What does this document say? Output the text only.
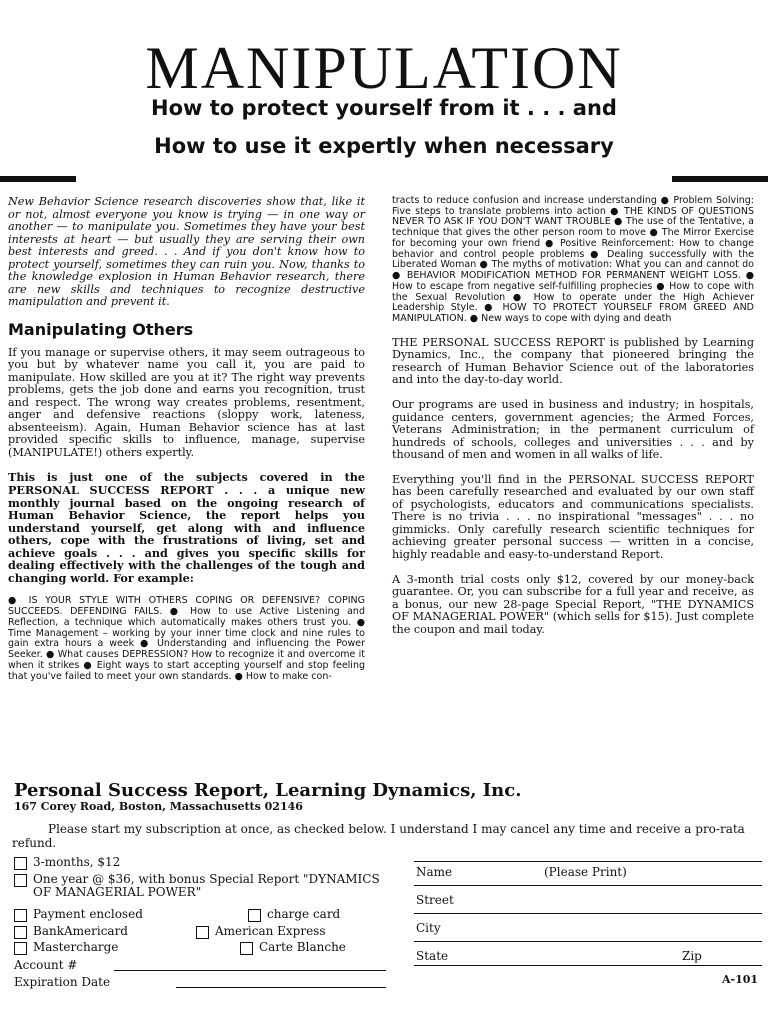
MANIPULATION
How to protect yourself from it . . . and
How to use it expertly when necessary

New Behavior Science research discoveries show that, like it or not, almost everyone you know is trying — in one way or another — to manipulate you. Sometimes they have your best interests at heart — but usually they are serving their own best interests and greed. . . And if you don't know how to protect yourself, sometimes they can ruin you. Now, thanks to the knowledge explosion in Human Behavior research, there are new skills and techniques to recognize destructive manipulation and prevent it.

Manipulating Others

If you manage or supervise others, it may seem outrageous to you but by whatever name you call it, you are paid to manipulate. How skilled are you at it? The right way prevents problems, gets the job done and earns you recognition, trust and respect. The wrong way creates problems, resentment, anger and defensive reactions (sloppy work, lateness, absenteeism). Again, Human Behavior science has at last provided specific skills to influence, manage, supervise (MANIPULATE!) others expertly.

This is just one of the subjects covered in the PERSONAL SUCCESS REPORT . . . a unique new monthly journal based on the ongoing research of Human Behavior Science, the report helps you understand yourself, get along with and influence others, cope with the frustrations of living, set and achieve goals . . . and gives you specific skills for dealing effectively with the challenges of the tough and changing world. For example:

● IS YOUR STYLE WITH OTHERS COPING OR DEFENSIVE? COPING SUCCEEDS. DEFENDING FAILS. ● How to use Active Listening and Reflection, a technique which automatically makes others trust you. ● Time Management – working by your inner time clock and nine rules to gain extra hours a week ● Understanding and influencing the Power Seeker. ● What causes DEPRESSION? How to recognize it and overcome it when it strikes ● Eight ways to start accepting yourself and stop feeling that you've failed to meet your own standards. ● How to make con-

tracts to reduce confusion and increase understanding ● Problem Solving: Five steps to translate problems into action ● THE KINDS OF QUESTIONS NEVER TO ASK IF YOU DON'T WANT TROUBLE ● The use of the Tentative, a technique that gives the other person room to move ● The Mirror Exercise for becoming your own friend ● Positive Reinforcement: How to change behavior and control people problems ● Dealing successfully with the Liberated Woman ● The myths of motivation: What you can and cannot do ● BEHAVIOR MODIFICATION METHOD FOR PERMANENT WEIGHT LOSS. ● How to escape from negative self-fulfilling prophecies ● How to cope with the Sexual Revolution ● How to operate under the High Achiever Leadership Style. ● HOW TO PROTECT YOURSELF FROM GREED AND MANIPULATION. ● New ways to cope with dying and death

THE PERSONAL SUCCESS REPORT is published by Learning Dynamics, Inc., the company that pioneered bringing the research of Human Behavior Science out of the laboratories and into the day-to-day world.

Our programs are used in business and industry; in hospitals, guidance centers, government agencies; the Armed Forces, Veterans Administration; in the permanent curriculum of hundreds of schools, colleges and universities . . . and by thousand of men and women in all walks of life.

Everything you'll find in the PERSONAL SUCCESS REPORT has been carefully researched and evaluated by our own staff of psychologists, educators and communications specialists. There is no trivia . . . no inspirational "messages" . . . no gimmicks. Only carefully research scientific techniques for achieving greater personal success — written in a concise, highly readable and easy-to-understand Report.

A 3-month trial costs only $12, covered by our money-back guarantee. Or, you can subscribe for a full year and receive, as a bonus, our new 28-page Special Report, "THE DYNAMICS OF MANAGERIAL POWER" (which sells for $15). Just complete the coupon and mail today.

Personal Success Report, Learning Dynamics, Inc.
167 Corey Road, Boston, Massachusetts 02146
Please start my subscription at once, as checked below. I understand I may cancel any time and receive a pro-rata refund.
3-months, $12
One year @ $36, with bonus Special Report "DYNAMICS OF MANAGERIAL POWER"
Payment enclosed	charge card
BankAmericard	American Express
Mastercharge	Carte Blanche
Account #
Expiration Date
Name	(Please Print)
Street
City
State	Zip
A-101
